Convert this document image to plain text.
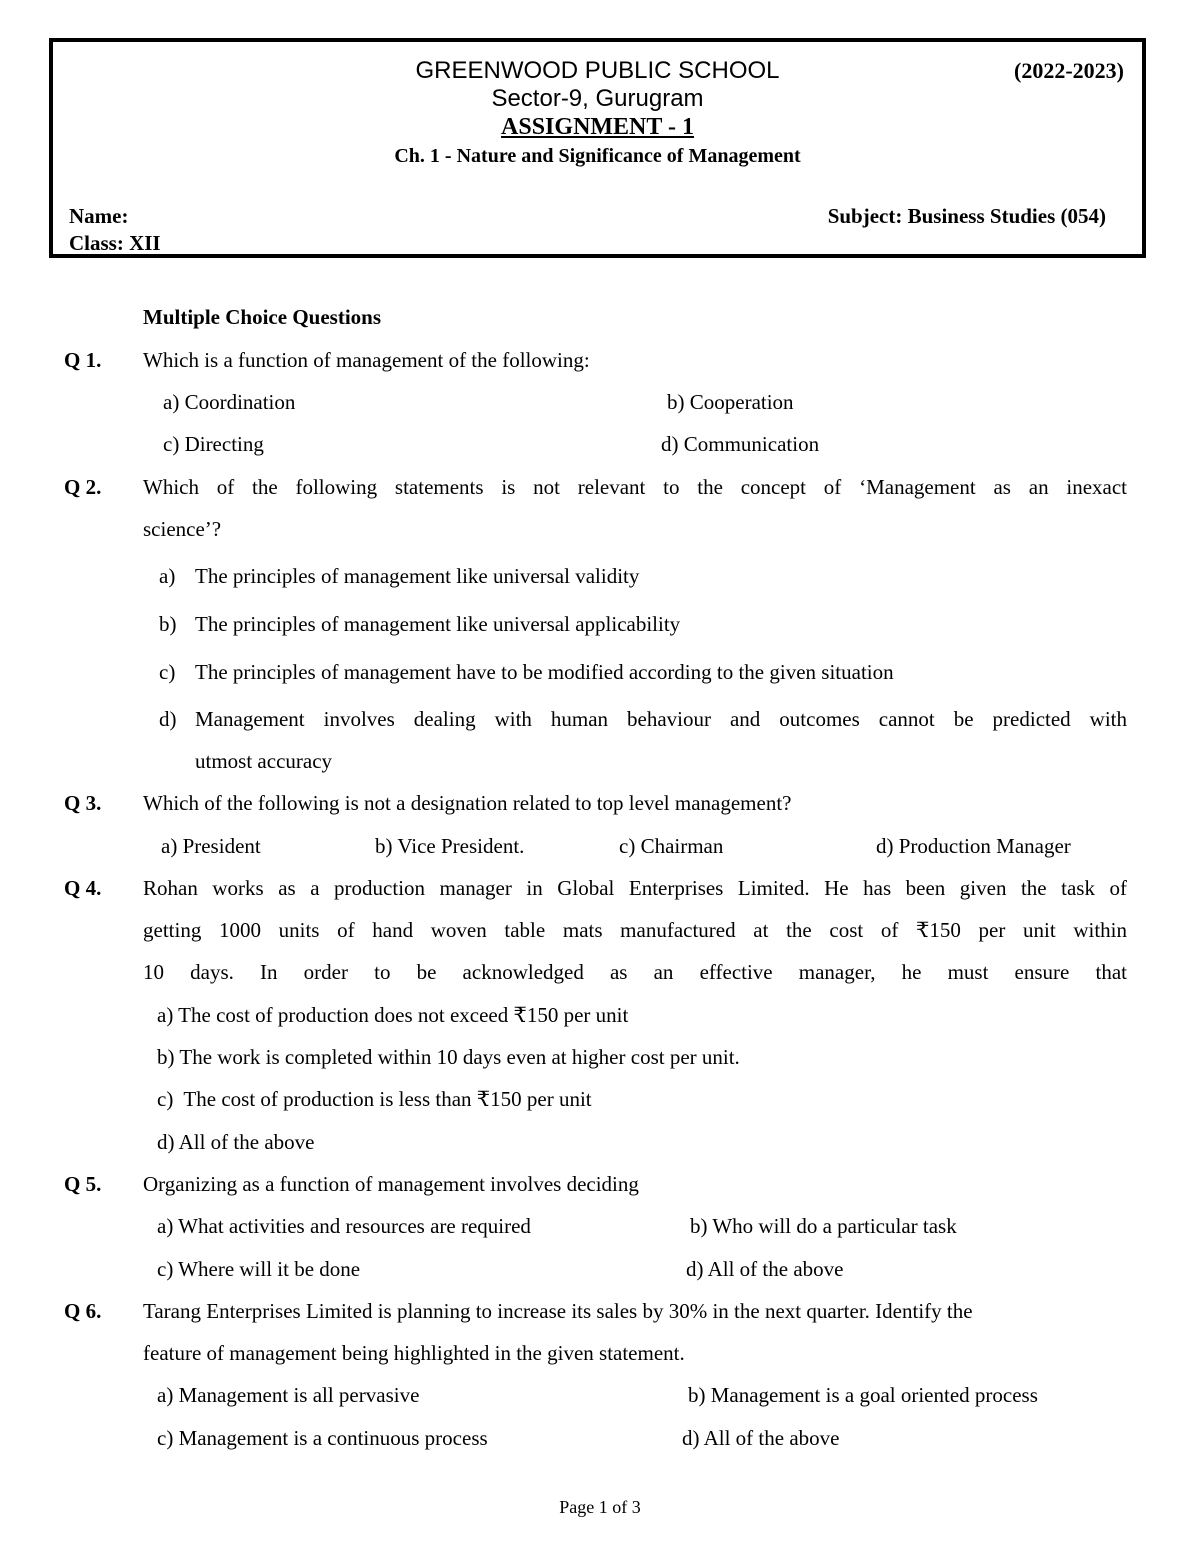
GREENWOOD PUBLIC SCHOOL	(2022-2023)
Sector-9, Gurugram
ASSIGNMENT - 1
Ch. 1 - Nature and Significance of Management
Name:	Subject: Business Studies (054)
Class: XII
Multiple Choice Questions
Q 1. Which is a function of management of the following:
a) Coordination	b) Cooperation
c) Directing	d) Communication
Q 2. Which of the following statements is not relevant to the concept of ‘Management as an inexact
science’?
a) The principles of management like universal validity
b) The principles of management like universal applicability
c) The principles of management have to be modified according to the given situation
d) Management involves dealing with human behaviour and outcomes cannot be predicted with
utmost accuracy
Q 3. Which of the following is not a designation related to top level management?
a) President	b) Vice President.	c) Chairman	d) Production Manager
Q 4. Rohan works as a production manager in Global Enterprises Limited. He has been given the task of
getting 1000 units of hand woven table mats manufactured at the cost of ₹150 per unit within
10 days. In order to be acknowledged as an effective manager, he must ensure that
a) The cost of production does not exceed ₹150 per unit
b) The work is completed within 10 days even at higher cost per unit.
c)  The cost of production is less than ₹150 per unit
d) All of the above
Q 5. Organizing as a function of management involves deciding
a) What activities and resources are required	b) Who will do a particular task
c) Where will it be done	d) All of the above
Q 6. Tarang Enterprises Limited is planning to increase its sales by 30% in the next quarter. Identify the
feature of management being highlighted in the given statement.
a) Management is all pervasive	b) Management is a goal oriented process
c) Management is a continuous process	d) All of the above
Page 1 of 3
